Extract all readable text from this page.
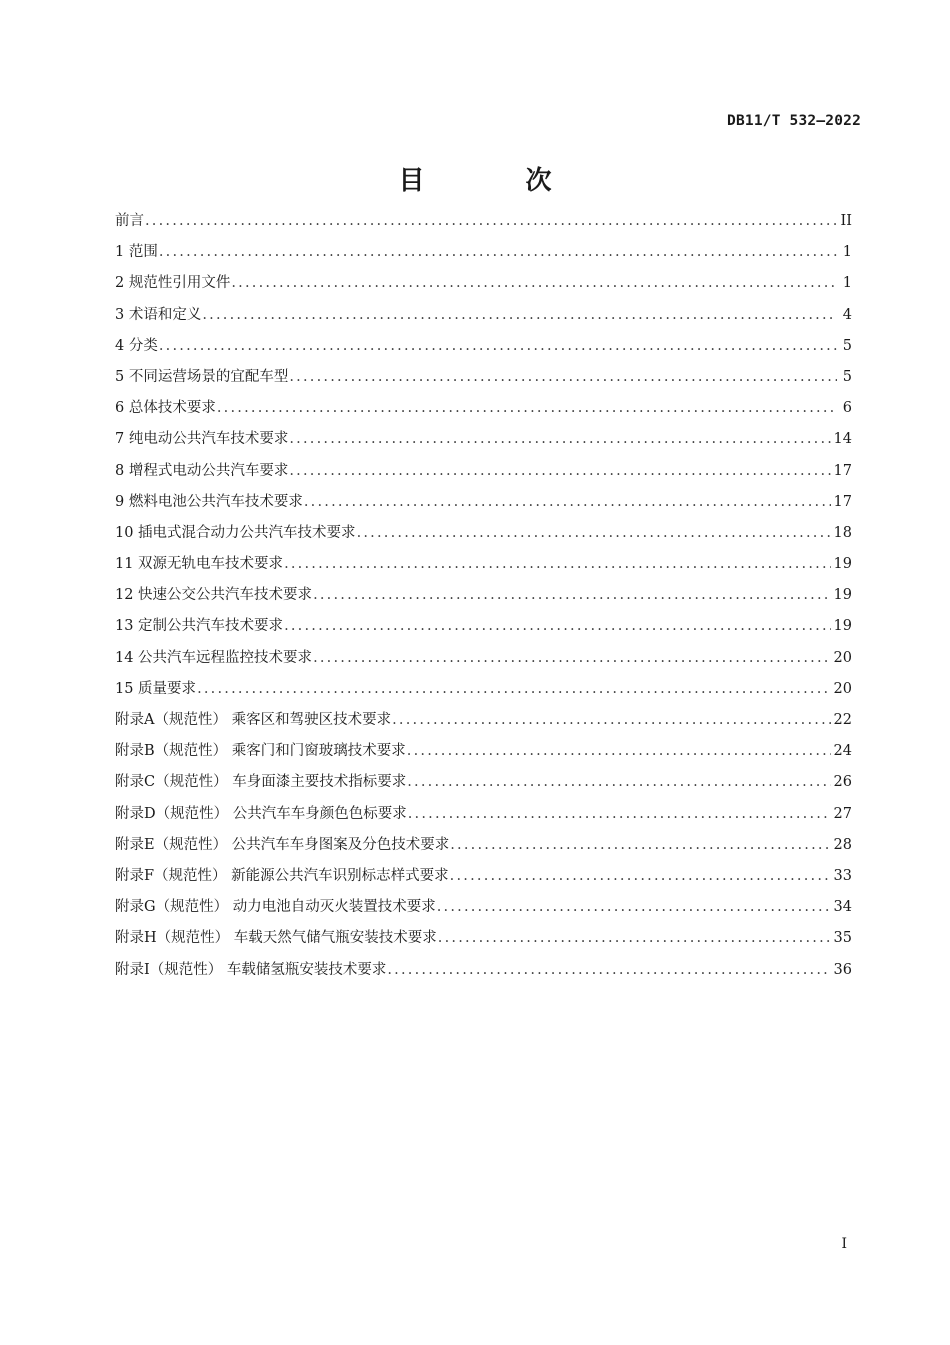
DB11/T 532—2022
目 次
前言 .....	II
1 范围 .....	1
2 规范性引用文件 .....	1
3 术语和定义 .....	4
4 分类 .....	5
5 不同运营场景的宜配车型 .....	5
6 总体技术要求 .....	6
7 纯电动公共汽车技术要求 .....	14
8 增程式电动公共汽车要求 .....	17
9 燃料电池公共汽车技术要求 .....	17
10 插电式混合动力公共汽车技术要求 .....	18
11 双源无轨电车技术要求 .....	19
12 快速公交公共汽车技术要求 .....	19
13 定制公共汽车技术要求 .....	19
14 公共汽车远程监控技术要求 .....	20
15 质量要求 .....	20
附录A（规范性） 乘客区和驾驶区技术要求 .....	22
附录B（规范性） 乘客门和门窗玻璃技术要求 .....	24
附录C（规范性） 车身面漆主要技术指标要求 .....	26
附录D（规范性） 公共汽车车身颜色色标要求 .....	27
附录E（规范性） 公共汽车车身图案及分色技术要求 .....	28
附录F（规范性） 新能源公共汽车识别标志样式要求 .....	33
附录G（规范性） 动力电池自动灭火装置技术要求 .....	34
附录H（规范性） 车载天然气储气瓶安装技术要求 .....	35
附录I（规范性） 车载储氢瓶安装技术要求 .....	36
I
